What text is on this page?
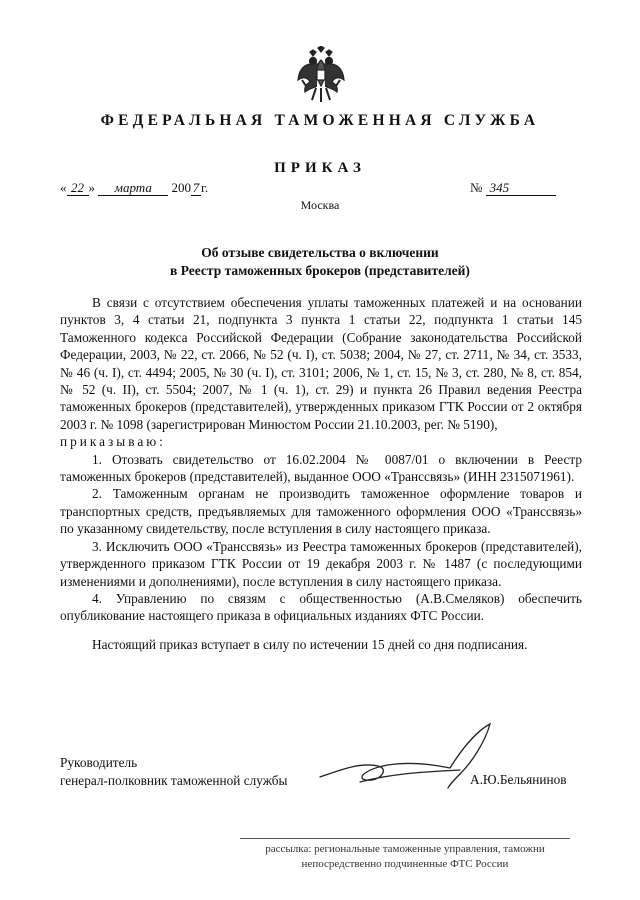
ФЕДЕРАЛЬНАЯ ТАМОЖЕННАЯ СЛУЖБА
ПРИКАЗ
« 22 » марта 200 7 г.	№ 345
Москва
Об отзыве свидетельства о включении
в Реестр таможенных брокеров (представителей)

В связи с отсутствием обеспечения уплаты таможенных платежей и на основании пунктов 3, 4 статьи 21, подпункта 3 пункта 1 статьи 22, подпункта 1 статьи 145 Таможенного кодекса Российской Федерации (Собрание законодательства Российской Федерации, 2003, № 22, ст. 2066, № 52 (ч. I), ст. 5038; 2004, № 27, ст. 2711, № 34, ст. 3533, № 46 (ч. I), ст. 4494; 2005, № 30 (ч. I), ст. 3101; 2006, № 1, ст. 15, № 3, ст. 280, № 8, ст. 854, № 52 (ч. II), ст. 5504; 2007, № 1 (ч. 1), ст. 29) и пункта 26 Правил ведения Реестра таможенных брокеров (представителей), утвержденных приказом ГТК России от 2 октября 2003 г. № 1098 (зарегистрирован Минюстом России 21.10.2003, рег. № 5190),

приказываю:

1. Отозвать свидетельство от 16.02.2004 № 0087/01 о включении в Реестр таможенных брокеров (представителей), выданное ООО «Транссвязь» (ИНН 2315071961).

2. Таможенным органам не производить таможенное оформление товаров и транспортных средств, предъявляемых для таможенного оформления ООО «Транссвязь» по указанному свидетельству, после вступления в силу настоящего приказа.

3. Исключить ООО «Транссвязь» из Реестра таможенных брокеров (представителей), утвержденного приказом ГТК России от 19 декабря 2003 г. № 1487 (с последующими изменениями и дополнениями), после вступления в силу настоящего приказа.

4. Управлению по связям с общественностью (А.В.Смеляков) обеспечить опубликование настоящего приказа в официальных изданиях ФТС России.

Настоящий приказ вступает в силу по истечении 15 дней со дня подписания.

Руководитель
генерал-полковник таможенной службы	А.Ю.Бельянинов
рассылка: региональные таможенные управления, таможни
непосредственно подчиненные ФТС России
